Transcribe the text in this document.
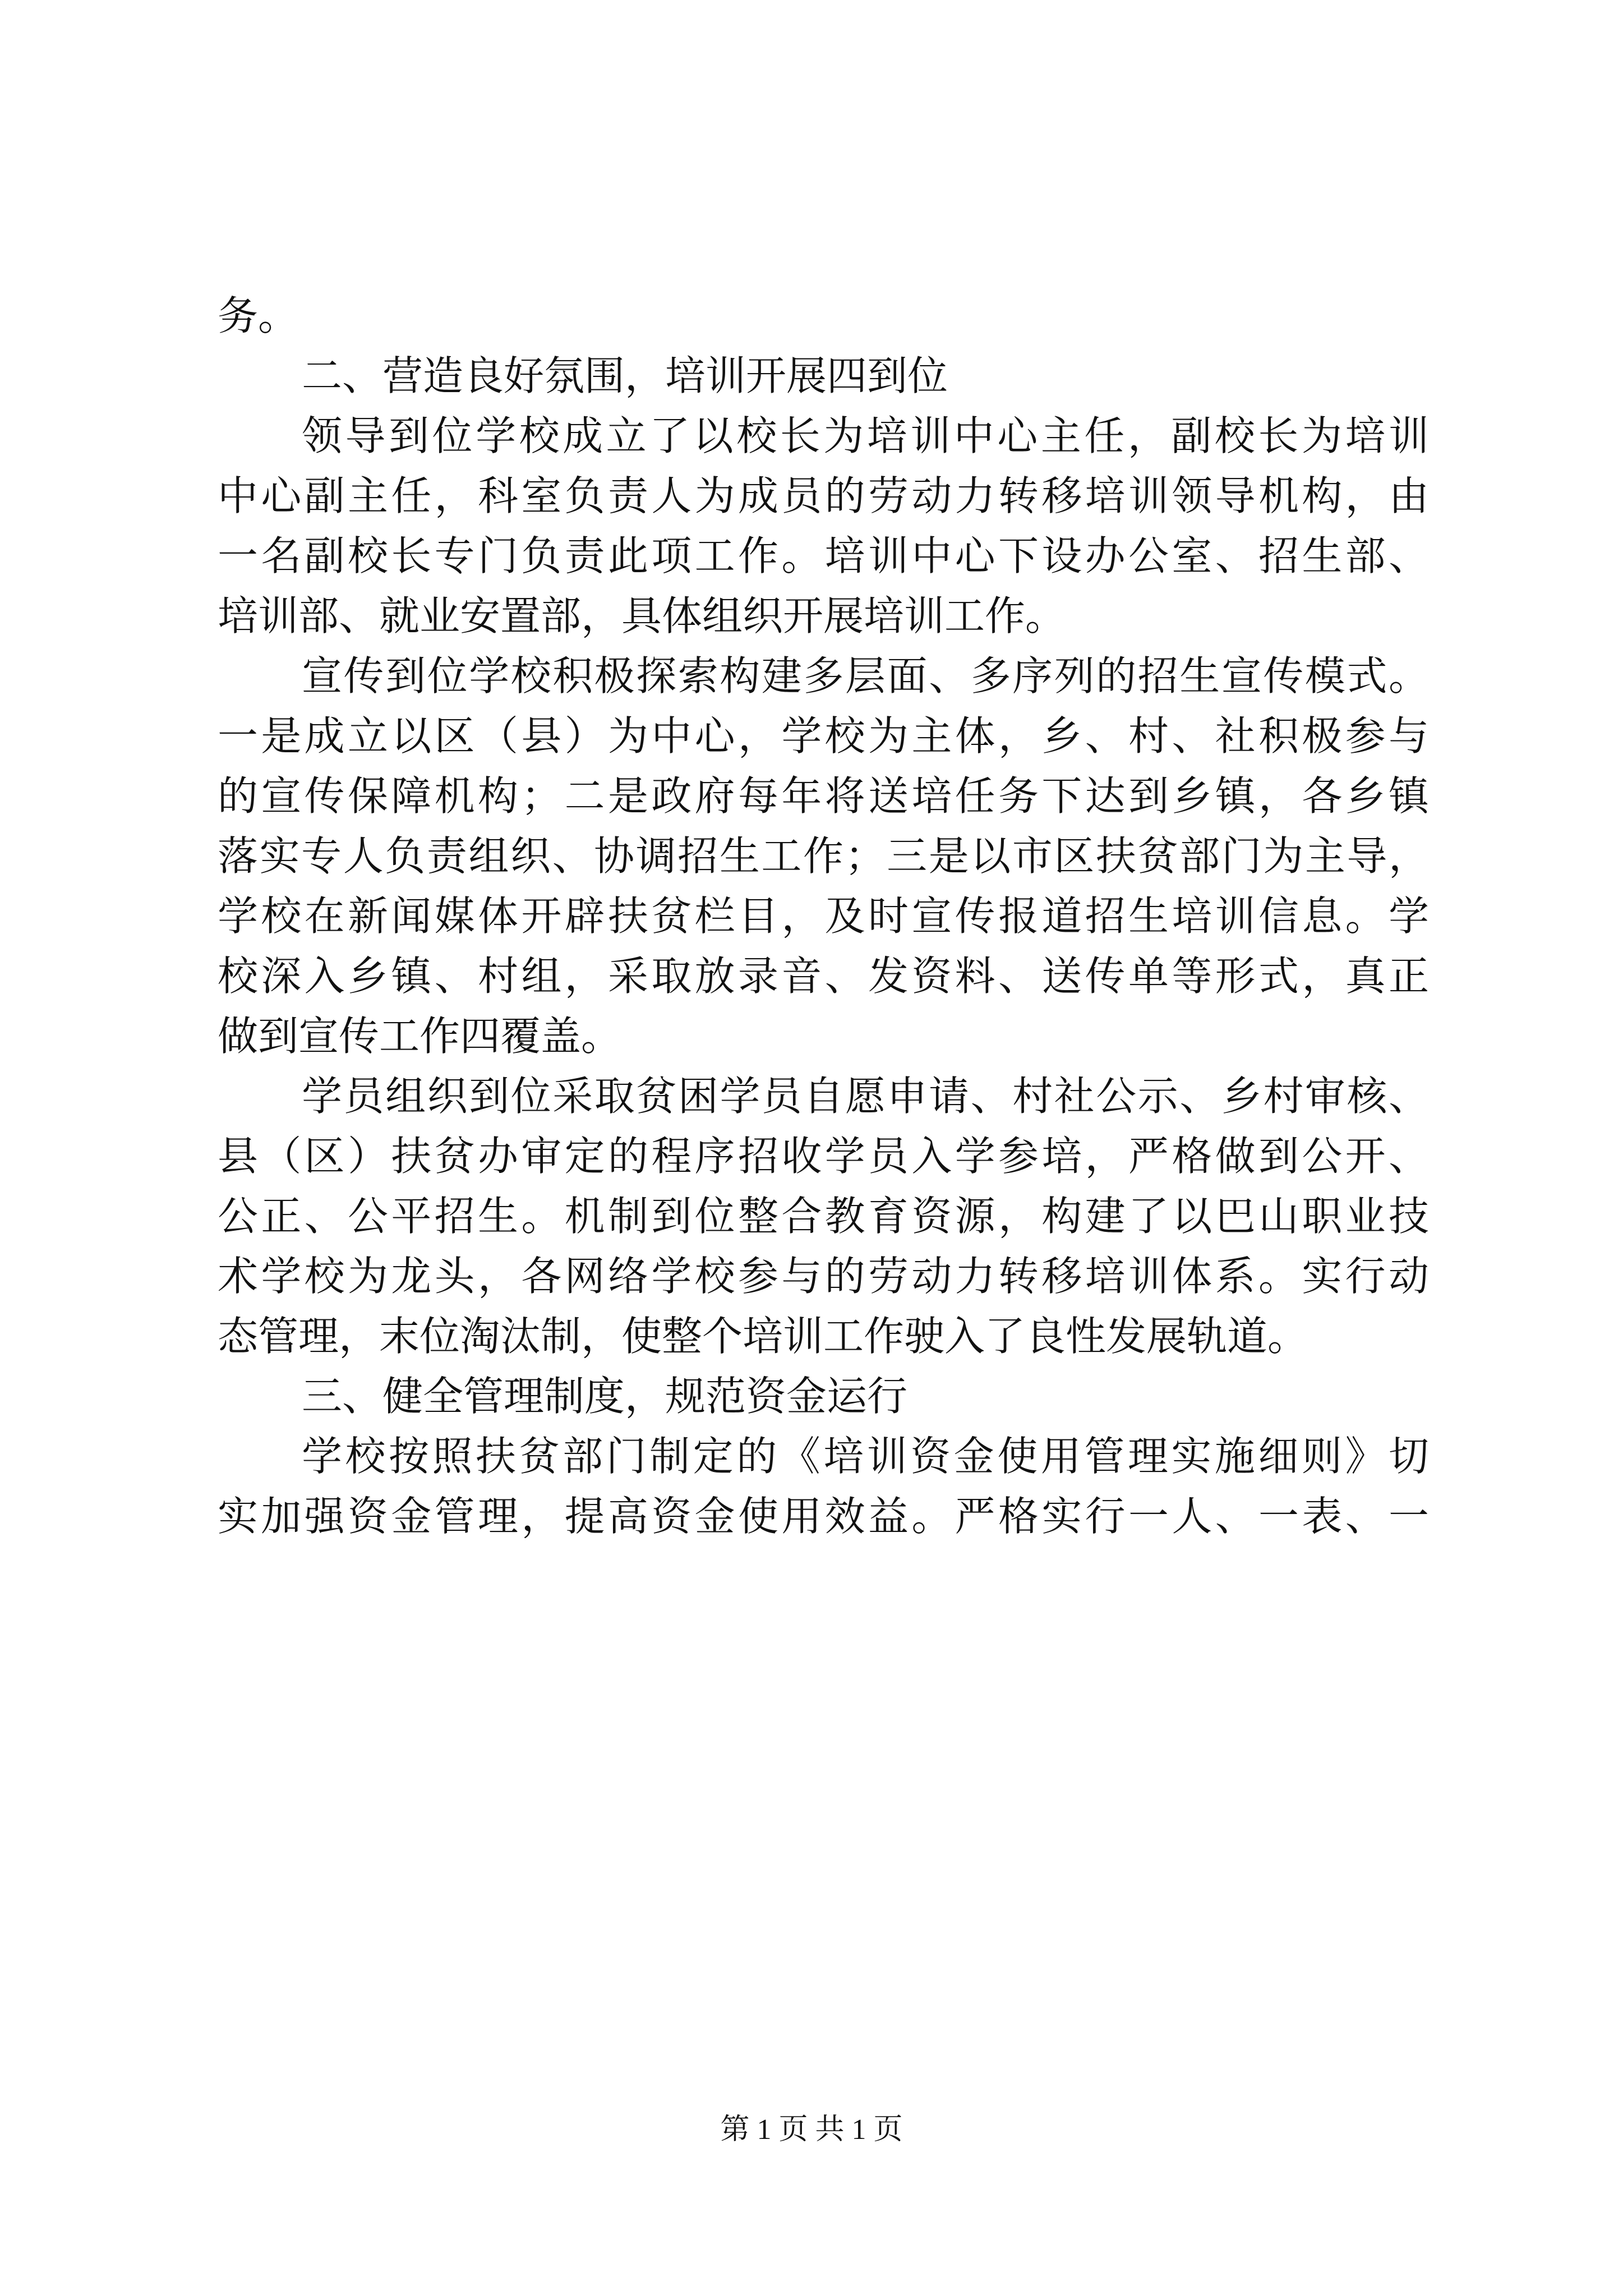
务。
二、营造良好氛围，培训开展四到位
领导到位学校成立了以校长为培训中心主任，副校长为培训
中心副主任，科室负责人为成员的劳动力转移培训领导机构，由
一名副校长专门负责此项工作。培训中心下设办公室、招生部、
培训部、就业安置部，具体组织开展培训工作。
宣传到位学校积极探索构建多层面、多序列的招生宣传模式。
一是成立以区（县）为中心，学校为主体，乡、村、社积极参与
的宣传保障机构；二是政府每年将送培任务下达到乡镇，各乡镇
落实专人负责组织、协调招生工作；三是以市区扶贫部门为主导，
学校在新闻媒体开辟扶贫栏目，及时宣传报道招生培训信息。学
校深入乡镇、村组，采取放录音、发资料、送传单等形式，真正
做到宣传工作四覆盖。
学员组织到位采取贫困学员自愿申请、村社公示、乡村审核、
县（区）扶贫办审定的程序招收学员入学参培，严格做到公开、
公正、公平招生。机制到位整合教育资源，构建了以巴山职业技
术学校为龙头，各网络学校参与的劳动力转移培训体系。实行动
态管理，末位淘汰制，使整个培训工作驶入了良性发展轨道。
三、健全管理制度，规范资金运行
学校按照扶贫部门制定的《培训资金使用管理实施细则》切
实加强资金管理，提高资金使用效益。严格实行一人、一表、一
第 1 页 共 1 页
